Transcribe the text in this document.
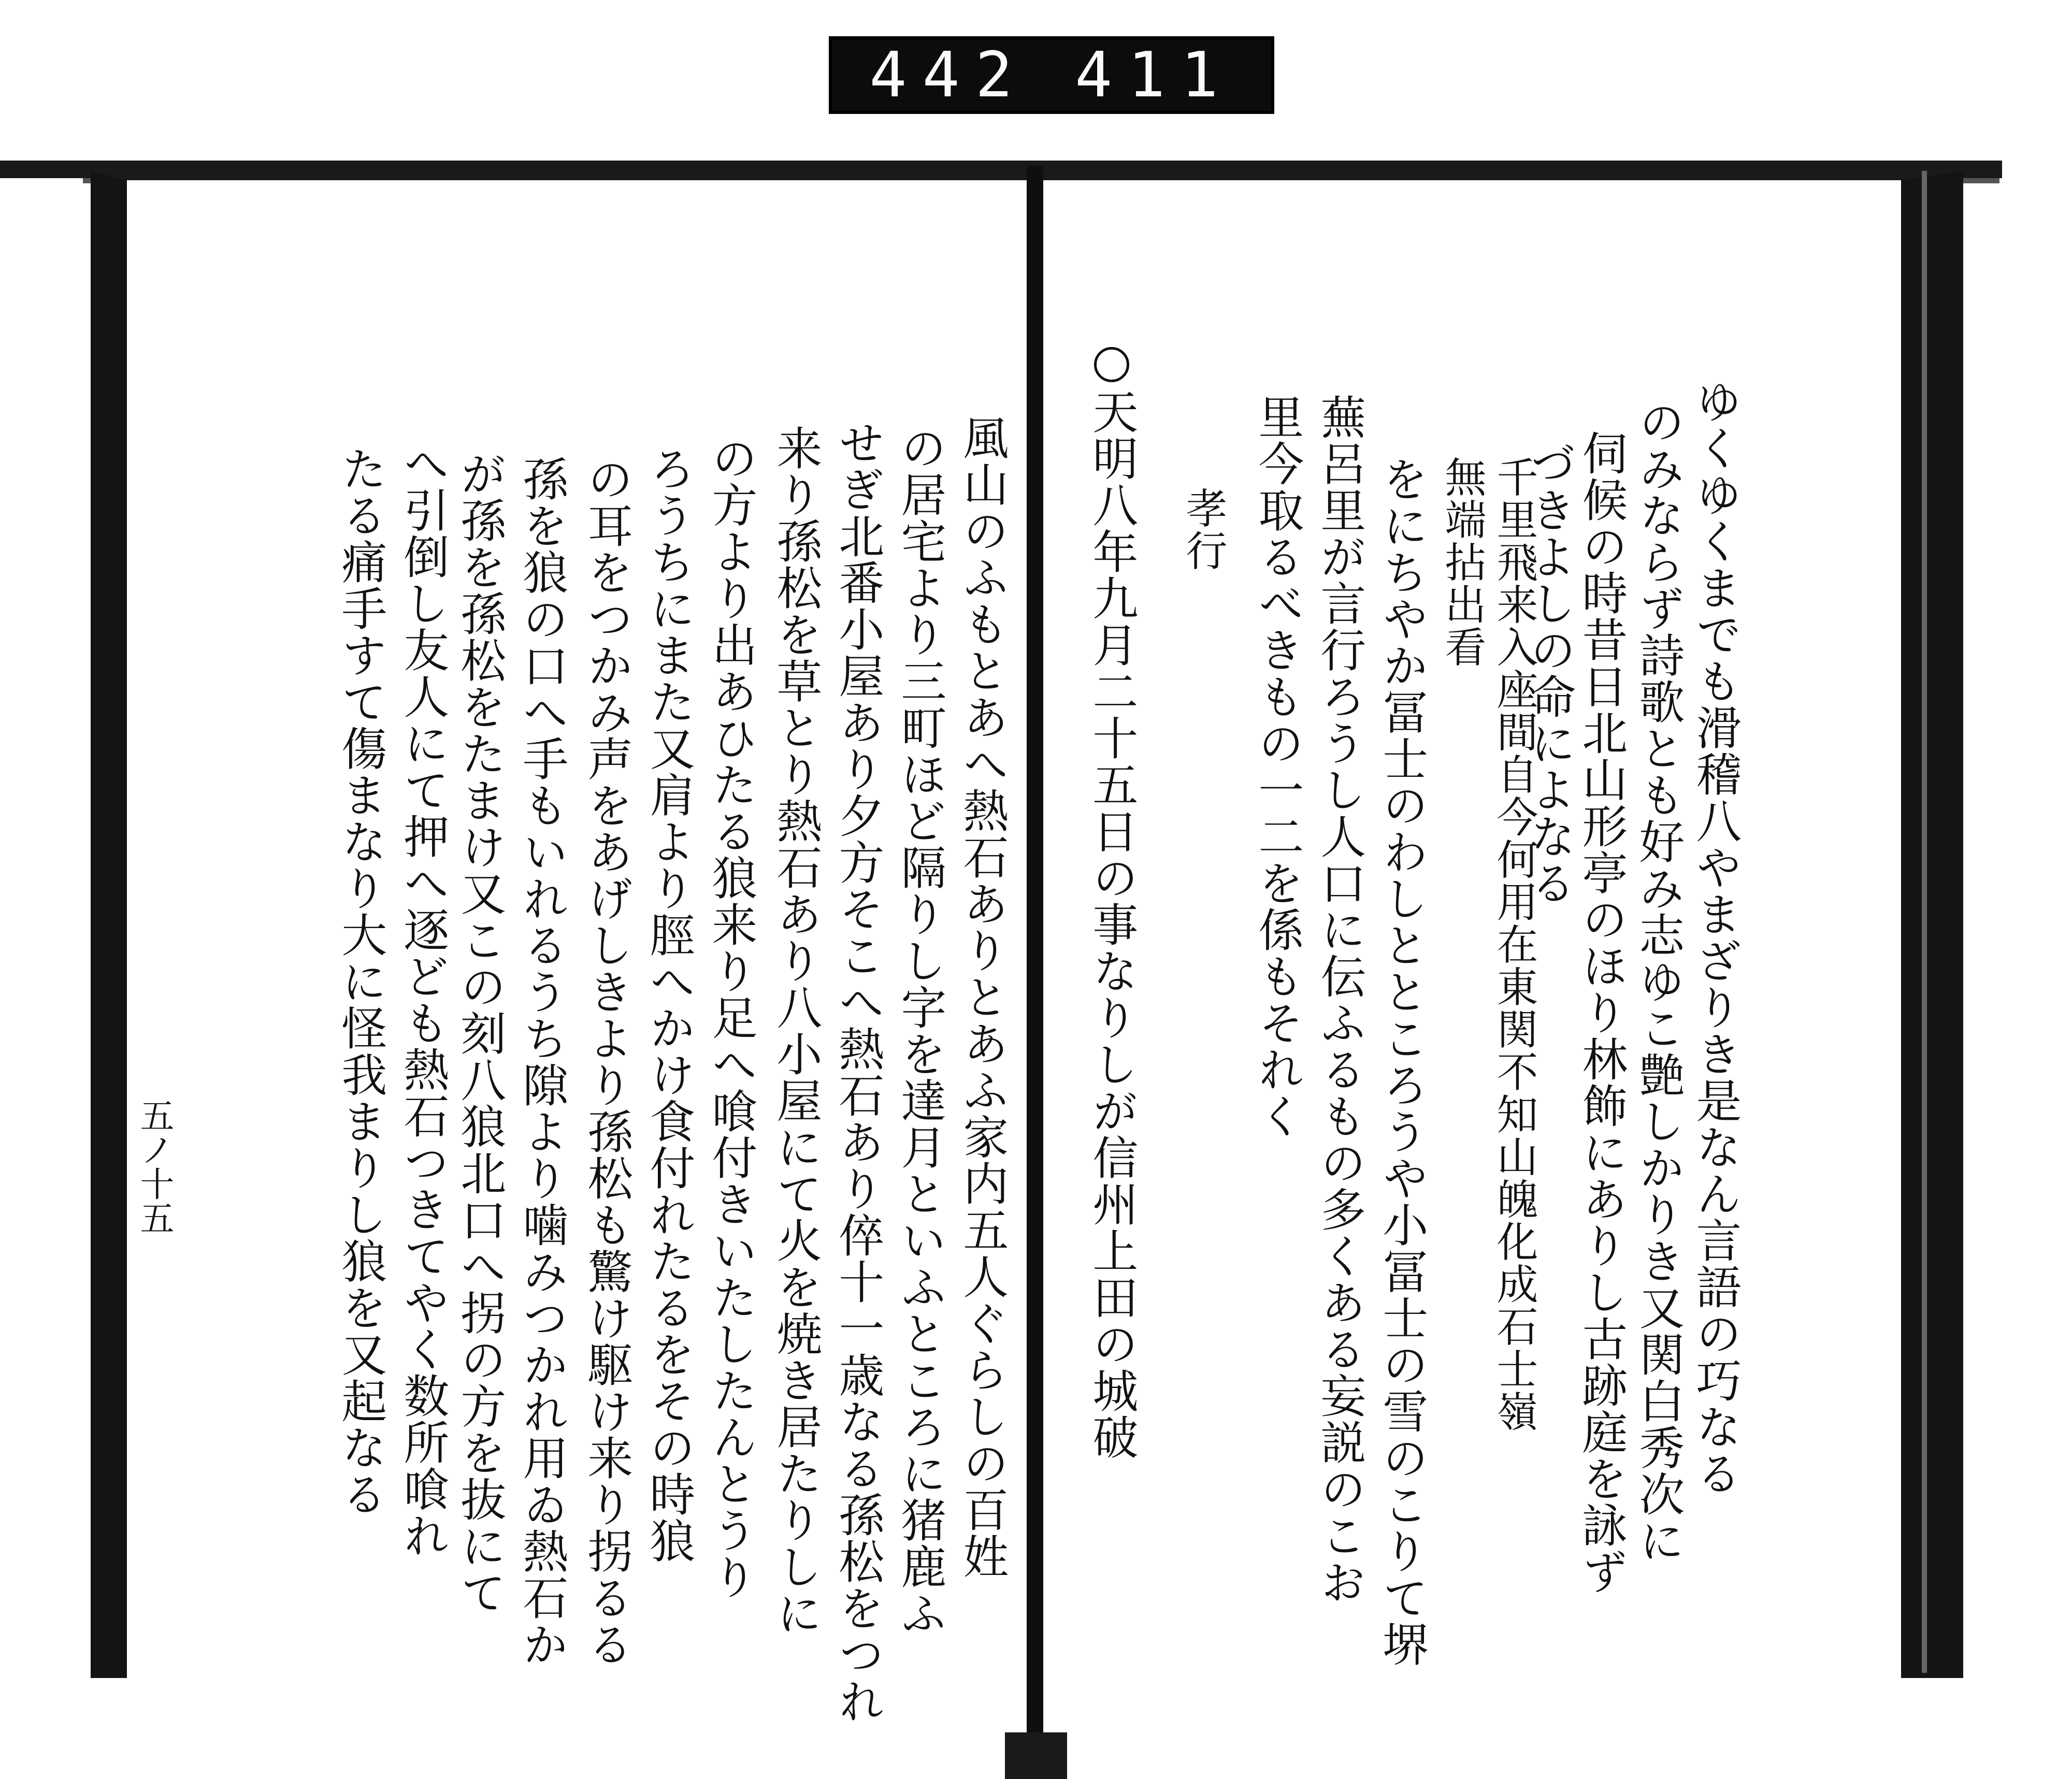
442 411
ゆくゆくまでも滑稽八やまざりき是なん言語の巧なる
のみならず詩歌とも好み志ゆこ艶しかりき又関白秀次に
伺候の時昔日北山形亭のほり林飾にありし古跡庭を詠ず
づきよしの命によなる
千里飛来入座間自今何用在東関不知山魄化成石士嶺
無端拈出看
をにちやか冨士のわしとところうや小冨士の雪のこりて堺
蕪呂里が言行ろうし人口に伝ふるもの多くある妄説のこお
里今取るべきもの一二を係もそれく
孝行
天明八年九月二十五日の事なりしが信州上田の城破
風山のふもとあへ熱石ありとあふ家内五人ぐらしの百姓
の居宅より三町ほど隔りし字を達月といふところに猪鹿ふ
せぎ北番小屋あり夕方そこへ熱石あり倅十一歳なる孫松をつれ
来り孫松を草とり熱石あり八小屋にて火を焼き居たりしに
の方より出あひたる狼来り足へ喰付きいたしたんとうり
ろうちにまた又肩より脛へかけ食付れたるをその時狼
の耳をつかみ声をあげしきより孫松も驚け駆け来り拐るる
孫を狼の口へ手もいれるうち隙より噛みつかれ用ゐ熱石か
が孫を孫松をたまけ又この刻八狼北口へ拐の方を抜にて
へ引倒し友人にて押へ逐ども熱石つきてやく数所喰れ
たる痛手すて傷まなり大に怪我まりし狼を又起なる
五ノ十五
